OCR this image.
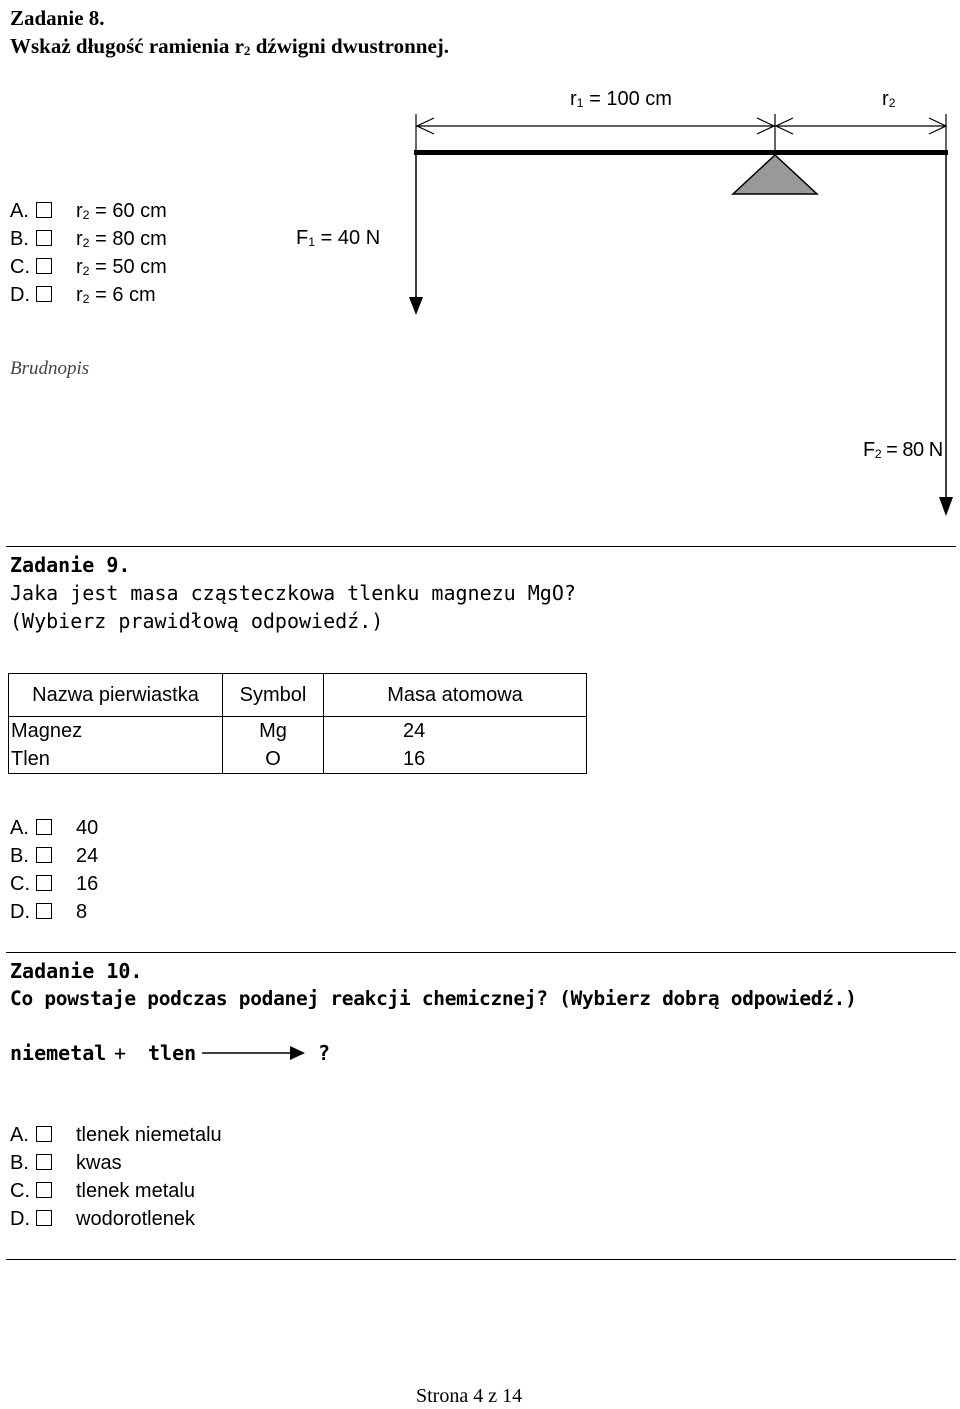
Zadanie 8.
Wskaż długość ramienia $r_2$ dźwigni dwustronnej.
A. $r_2 = 60$ cm
B. $r_2 = 80$ cm
C. $r_2 = 50$ cm
D. $r_2 = 6$ cm
$r_1 = 100$ cm	$r_2$
$F_1 = 40$ N
$F_2 = 80$ N
Brudnopis
Zadanie 9.
Jaka jest masa cząsteczkowa tlenku magnezu MgO?
(Wybierz prawidłową odpowiedź.)
Nazwa pierwiastka	Symbol	Masa atomowa
Magnez	Mg	24
Tlen	O	16
A. 40
B. 24
C. 16
D. 8
Zadanie 10.
Co powstaje podczas podanej reakcji chemicznej? (Wybierz dobrą odpowiedź.)
niemetal + tlen	?
A. tlenek niemetalu
B. kwas
C. tlenek metalu
D. wodorotlenek
Strona 4 z 14
